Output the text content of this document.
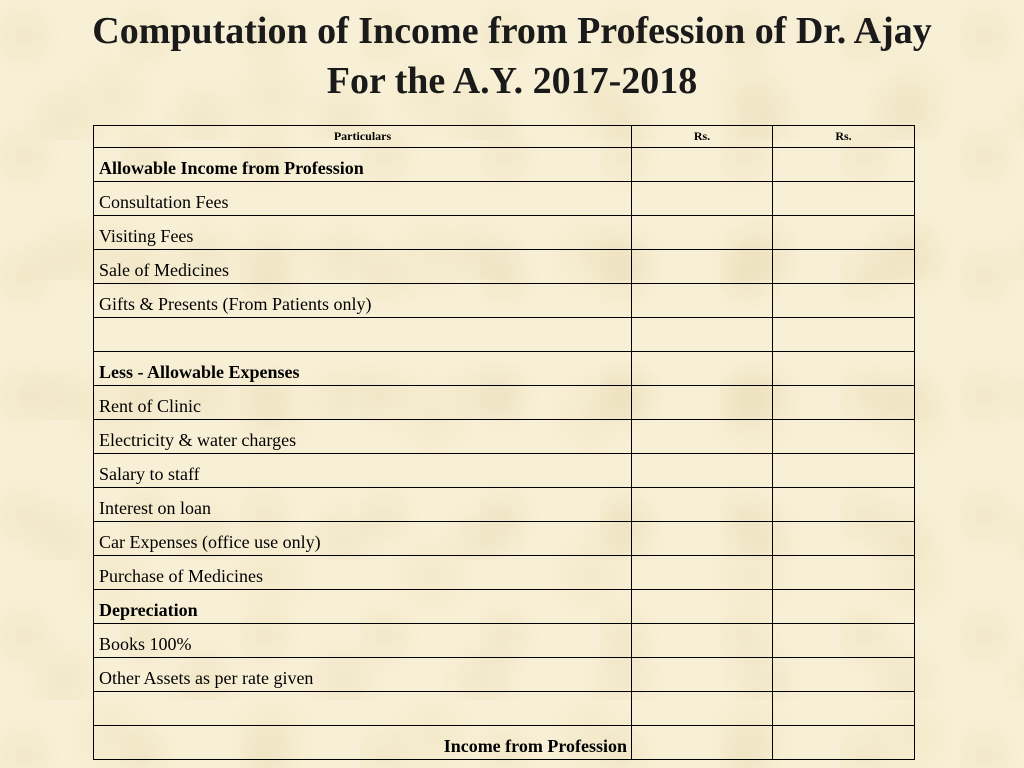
Computation of Income from Profession of Dr. Ajay
For the A.Y. 2017-2018
Particulars	Rs.	Rs.
Allowable Income from Profession		
Consultation Fees		
Visiting Fees		
Sale of Medicines		
Gifts & Presents (From Patients only)		

Less - Allowable Expenses		
Rent of Clinic		
Electricity & water charges		
Salary to staff		
Interest on loan		
Car Expenses (office use only)		
Purchase of Medicines		
Depreciation		
Books 100%		
Other Assets as per rate given		

Income from Profession		
